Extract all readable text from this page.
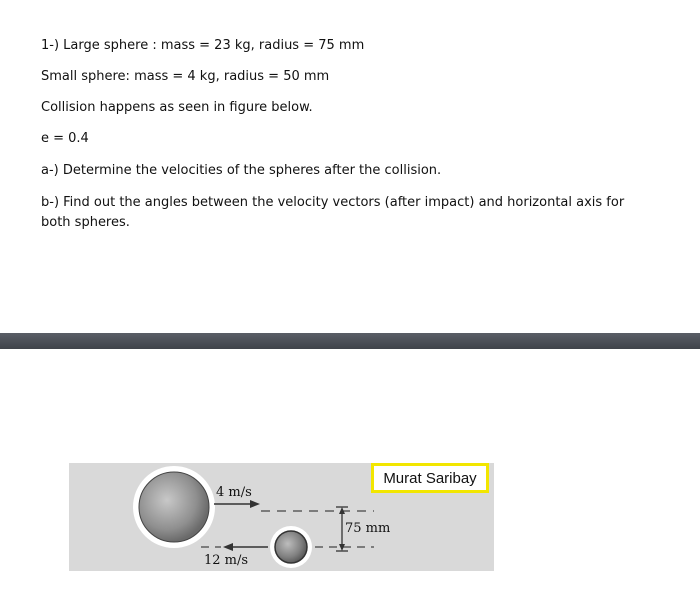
1-) Large sphere : mass = 23 kg, radius = 75 mm
Small sphere: mass = 4 kg, radius = 50 mm
Collision happens as seen in figure below.
e = 0.4
a-) Determine the velocities of the spheres after the collision.
b-) Find out the angles between the velocity vectors (after impact) and horizontal axis for both spheres.
4 m/s
12 m/s
75 mm
Murat Saribay
